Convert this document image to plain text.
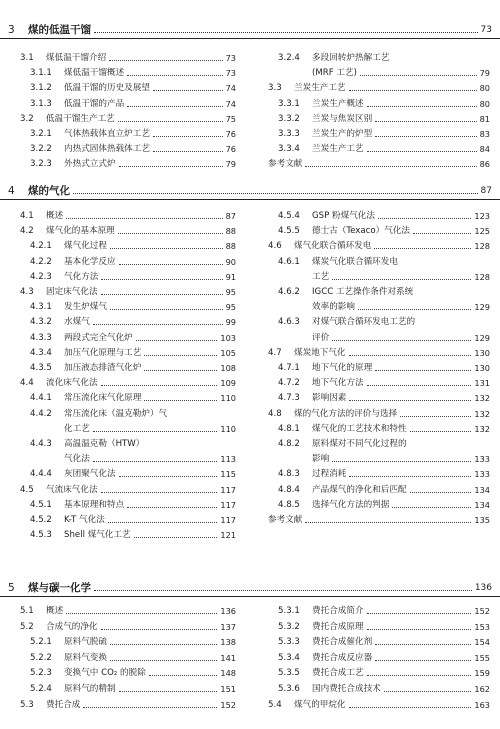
3	煤的低温干馏	73
4	煤的气化	87
5	煤与碳一化学	136
3.1	煤低温干馏介绍	73
3.1.1	煤低温干馏概述	73
3.1.2	低温干馏的历史及展望	74
3.1.3	低温干馏的产品	74
3.2	低温干馏生产工艺	75
3.2.1	气体热载体直立炉工艺	76
3.2.2	内热式固体热载体工艺	76
3.2.3	外热式立式炉	79
3.2.4	多段回转炉热解工艺
(MRF 工艺)	79
3.3	兰炭生产工艺	80
3.3.1	兰炭生产概述	80
3.3.2	兰炭与焦炭区别	81
3.3.3	兰炭生产的炉型	83
3.3.4	兰炭生产工艺	84
参考文献	86
4.1	概述	87
4.2	煤气化的基本原理	88
4.2.1	煤气化过程	88
4.2.2	基本化学反应	90
4.2.3	气化方法	91
4.3	固定床气化法	95
4.3.1	发生炉煤气	95
4.3.2	水煤气	99
4.3.3	两段式完全气化炉	103
4.3.4	加压气化原理与工艺	105
4.3.5	加压液态排渣气化炉	108
4.4	流化床气化法	109
4.4.1	常压流化床气化原理	110
4.4.2	常压流化床（温克勒炉）气
化工艺	110
4.4.3	高温温克勒（HTW）
气化法	113
4.4.4	灰团聚气化法	115
4.5	气流床气化法	117
4.5.1	基本原理和特点	117
4.5.2	K-T 气化法	117
4.5.3	Shell 煤气化工艺	121
4.5.4	GSP 粉煤气化法	123
4.5.5	德士古（Texaco）气化法	125
4.6	煤气化联合循环发电	128
4.6.1	煤炭气化联合循环发电
工艺	128
4.6.2	IGCC 工艺操作条件对系统
效率的影响	129
4.6.3	对煤气联合循环发电工艺的
评价	129
4.7	煤炭地下气化	130
4.7.1	地下气化的原理	130
4.7.2	地下气化方法	131
4.7.3	影响因素	132
4.8	煤的气化方法的评价与选择	132
4.8.1	煤气化的工艺技术和特性	132
4.8.2	原料煤对不同气化过程的
影响	133
4.8.3	过程消耗	133
4.8.4	产品煤气的净化和后匹配	134
4.8.5	选择气化方法的判据	134
参考文献	135
5.1	概述	136
5.2	合成气的净化	137
5.2.1	原料气脱硫	138
5.2.2	原料气变换	141
5.2.3	变换气中 CO₂ 的脱除	148
5.2.4	原料气的精制	151
5.3	费托合成	152
5.3.1	费托合成简介	152
5.3.2	费托合成原理	153
5.3.3	费托合成催化剂	154
5.3.4	费托合成反应器	155
5.3.5	费托合成工艺	159
5.3.6	国内费托合成技术	162
5.4	煤气的甲烷化	163
